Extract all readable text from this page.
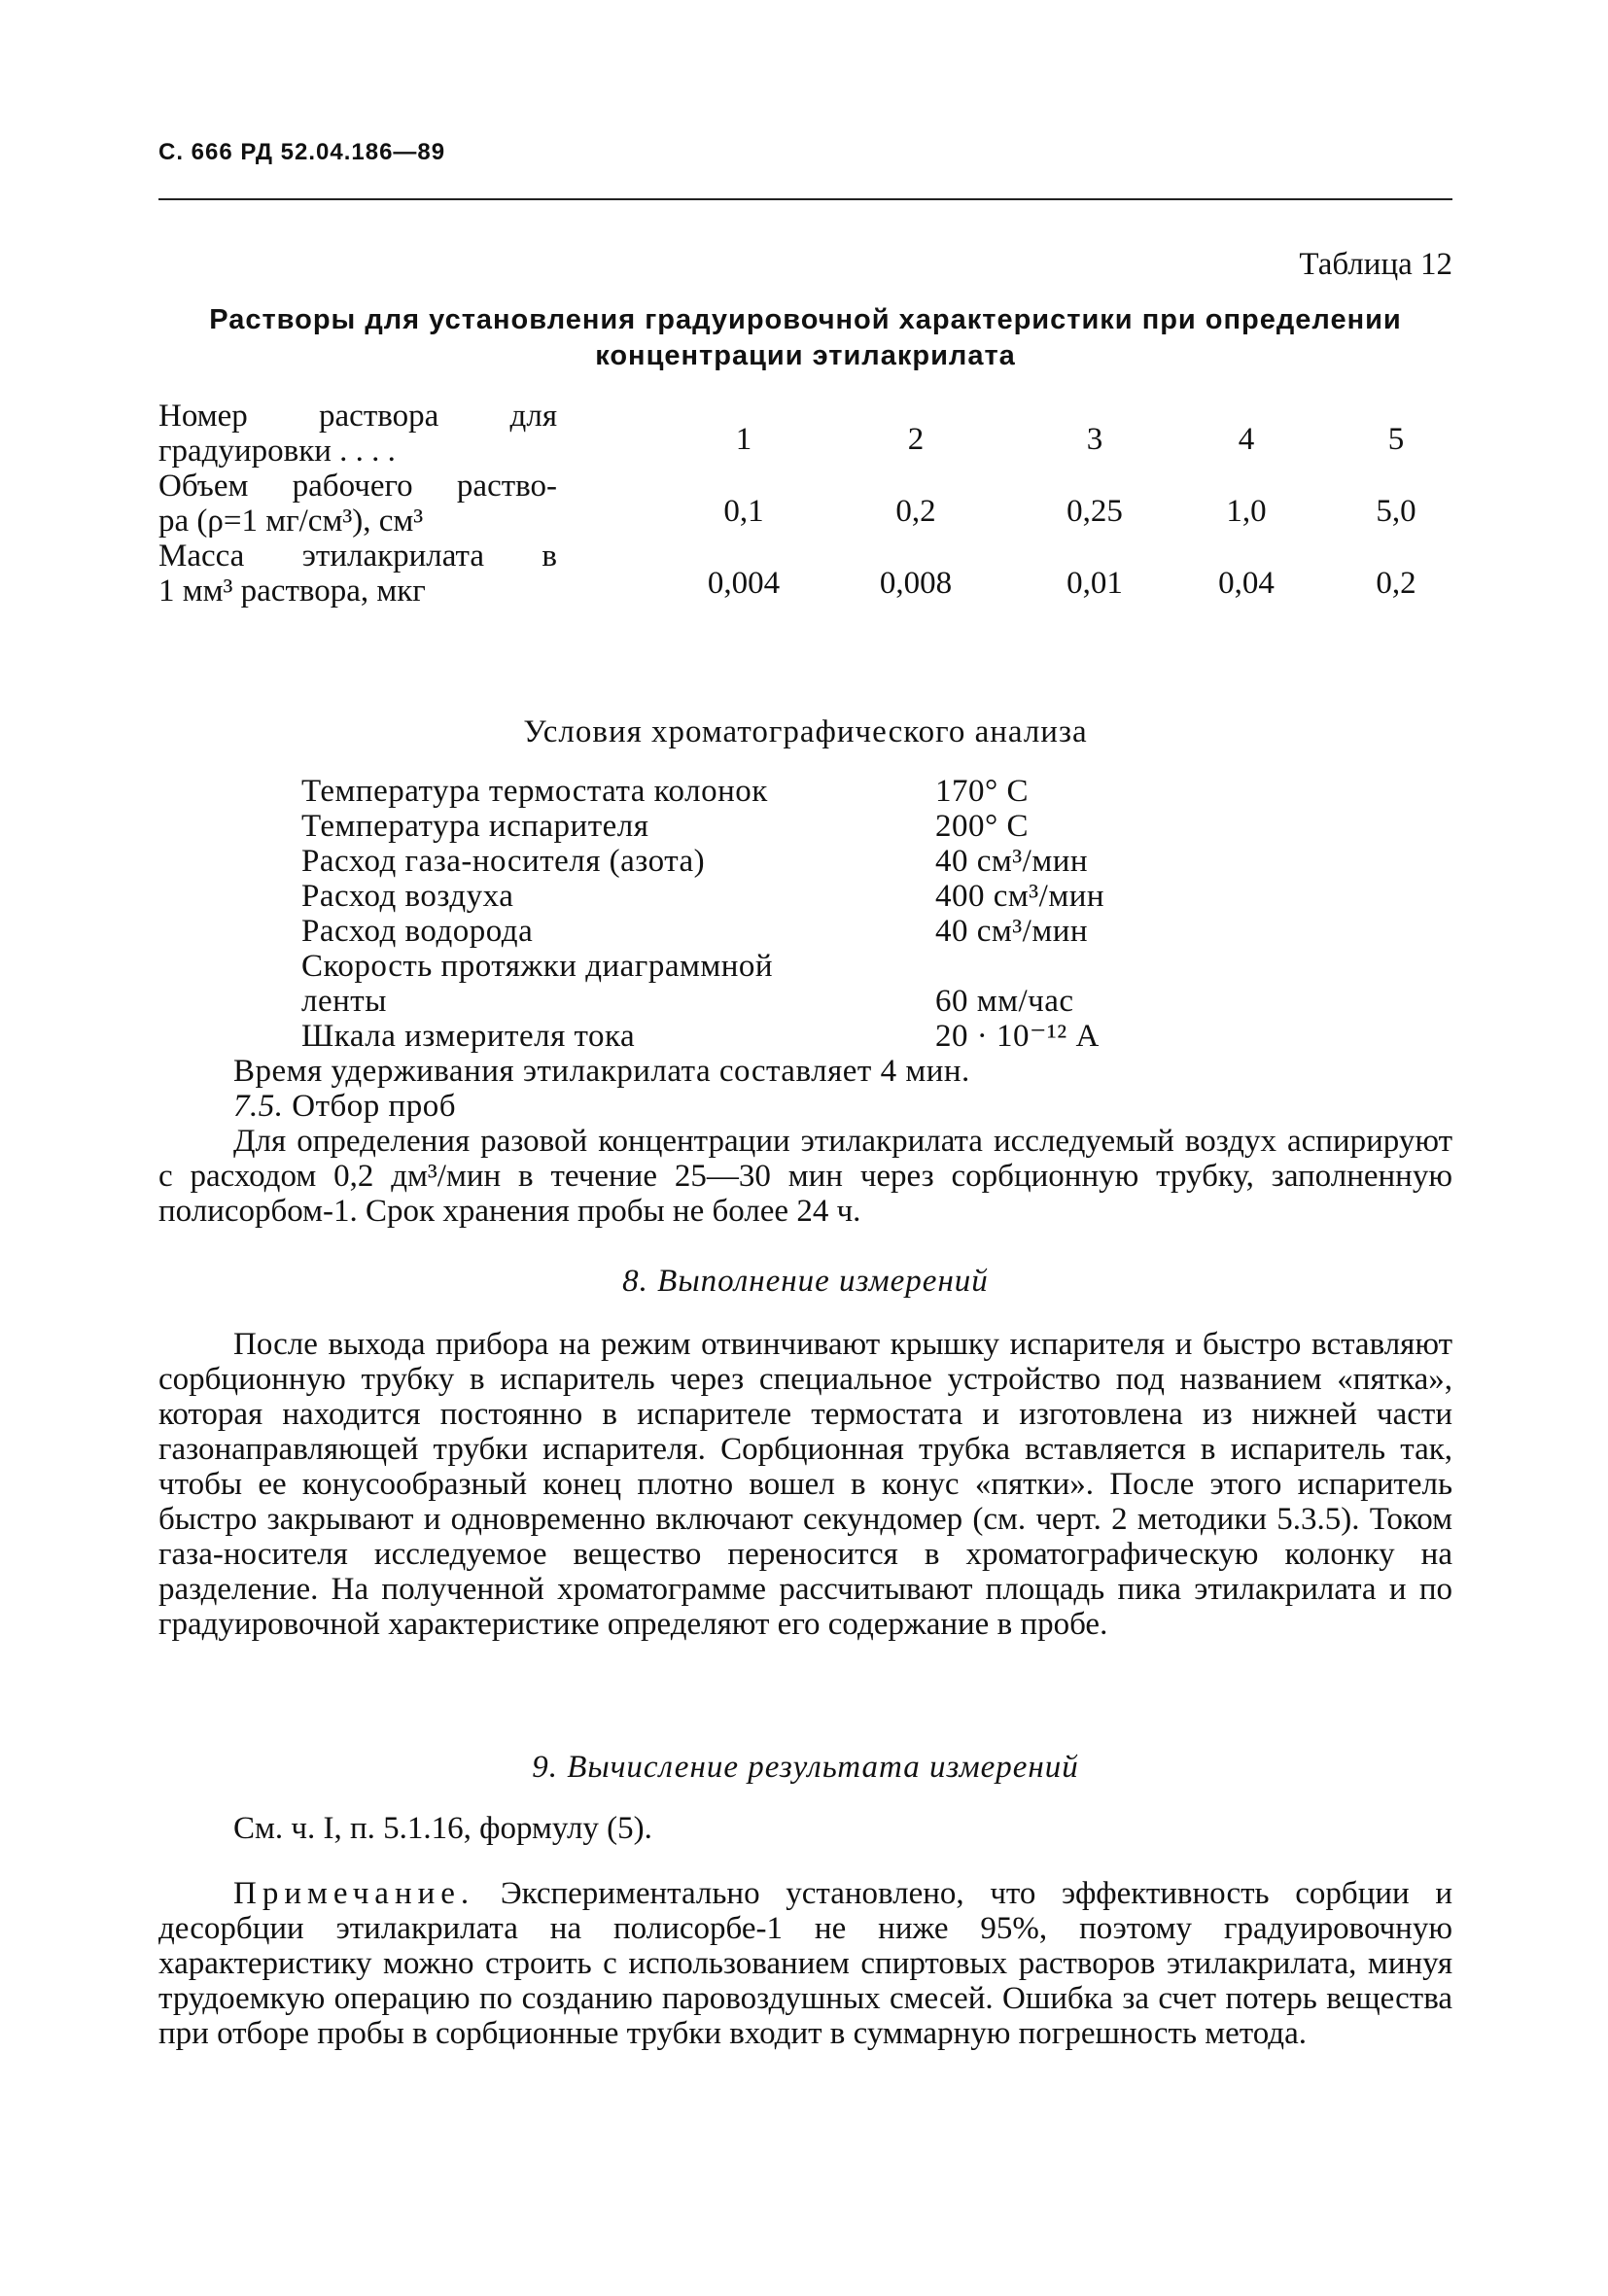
С. 666 РД 52.04.186—89
Таблица 12
Растворы для установления градуировочной характеристики при определении
концентрации этилакрилата
Номер раствора для
градуировки . . . .	1	2	3	4	5
Объем рабочего раство-
ра (ρ=1 мг/см³), см³	0,1	0,2	0,25	1,0	5,0
Масса этилакрилата в
1 мм³ раствора, мкг	0,004	0,008	0,01	0,04	0,2
Условия хроматографического анализа
Температура термостата колонок	170° С
Температура испарителя	200° С
Расход газа-носителя (азота)	40 см³/мин
Расход воздуха	400 см³/мин
Расход водорода	40 см³/мин
Скорость протяжки диаграммной
ленты	60 мм/час
Шкала измерителя тока	20 · 10⁻¹² А
Время удерживания этилакрилата составляет 4 мин.
7.5. Отбор проб
Для определения разовой концентрации этилакрилата исследуемый воздух аспирируют с расходом 0,2 дм³/мин в течение 25—30 мин через сорбционную трубку, заполненную полисорбом-1. Срок хранения пробы не более 24 ч.
8. Выполнение измерений
После выхода прибора на режим отвинчивают крышку испарителя и быстро вставляют сорбционную трубку в испаритель через специальное устройство под названием «пятка», которая находится постоянно в испарителе термостата и изготовлена из нижней части газонаправляющей трубки испарителя. Сорбционная трубка вставляется в испаритель так, чтобы ее конусообразный конец плотно вошел в конус «пятки». После этого испаритель быстро закрывают и одновременно включают секундомер (см. черт. 2 методики 5.3.5). Током газа-носителя исследуемое вещество переносится в хроматографическую колонку на разделение. На полученной хроматограмме рассчитывают площадь пика этилакрилата и по градуировочной характеристике определяют его содержание в пробе.
9. Вычисление результата измерений
См. ч. I, п. 5.1.16, формулу (5).
Примечание. Экспериментально установлено, что эффективность сорбции и десорбции этилакрилата на полисорбе-1 не ниже 95%, поэтому градуировочную характеристику можно строить с использованием спиртовых растворов этилакрилата, минуя трудоемкую операцию по созданию паровоздушных смесей. Ошибка за счет потерь вещества при отборе пробы в сорбционные трубки входит в суммарную погрешность метода.
